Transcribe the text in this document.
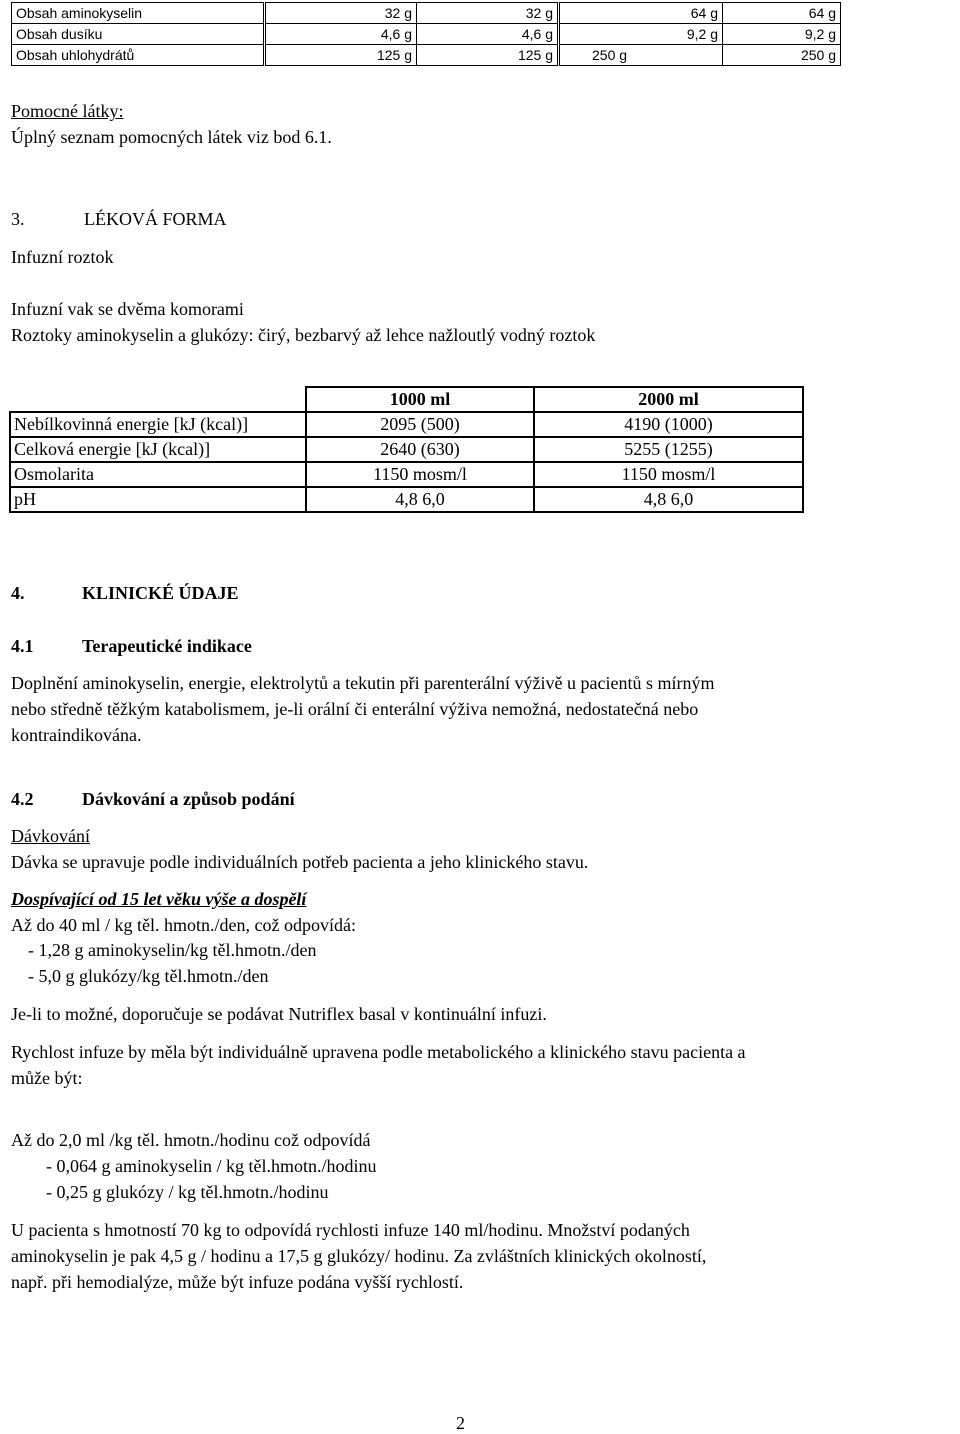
Obsah aminokyselin	32 g	32 g	64 g	64 g
Obsah dusíku	4,6 g	4,6 g	9,2 g	9,2 g
Obsah uhlohydrátů	125 g	125 g	250 g	250 g
Pomocné látky:
Úplný seznam pomocných látek viz bod 6.1.
3.	LÉKOVÁ FORMA
Infuzní roztok
Infuzní vak se dvěma komorami
Roztoky aminokyselin a glukózy: čirý, bezbarvý až lehce nažloutlý vodný roztok
	1000 ml	2000 ml
Nebílkovinná energie [kJ (kcal)]	2095 (500)	4190 (1000)
Celková energie [kJ (kcal)]	2640 (630)	5255 (1255)
Osmolarita	1150 mosm/l	1150 mosm/l
pH	4,8 6,0	4,8 6,0
4.	KLINICKÉ ÚDAJE
4.1	Terapeutické indikace
Doplnění aminokyselin, energie, elektrolytů a tekutin při parenterální výživě u pacientů s mírným
nebo středně těžkým katabolismem, je-li orální či enterální výživa nemožná, nedostatečná nebo
kontraindikována.
4.2	Dávkování a způsob podání
Dávkování
Dávka se upravuje podle individuálních potřeb pacienta a jeho klinického stavu.
Dospívající od 15 let věku výše a dospělí
Až do 40 ml / kg těl. hmotn./den, což odpovídá:
- 1,28 g aminokyselin/kg těl.hmotn./den
- 5,0 g glukózy/kg těl.hmotn./den
Je-li to možné, doporučuje se podávat Nutriflex basal v kontinuální infuzi.
Rychlost infuze by měla být individuálně upravena podle metabolického a klinického stavu pacienta a
může být:
Až do 2,0 ml /kg těl. hmotn./hodinu což odpovídá
- 0,064 g aminokyselin / kg těl.hmotn./hodinu
- 0,25 g glukózy / kg těl.hmotn./hodinu
U pacienta s hmotností 70 kg to odpovídá rychlosti infuze 140 ml/hodinu. Množství podaných
aminokyselin je pak 4,5 g / hodinu a 17,5 g glukózy/ hodinu. Za zvláštních klinických okolností,
např. při hemodialýze, může být infuze podána vyšší rychlostí.
2
